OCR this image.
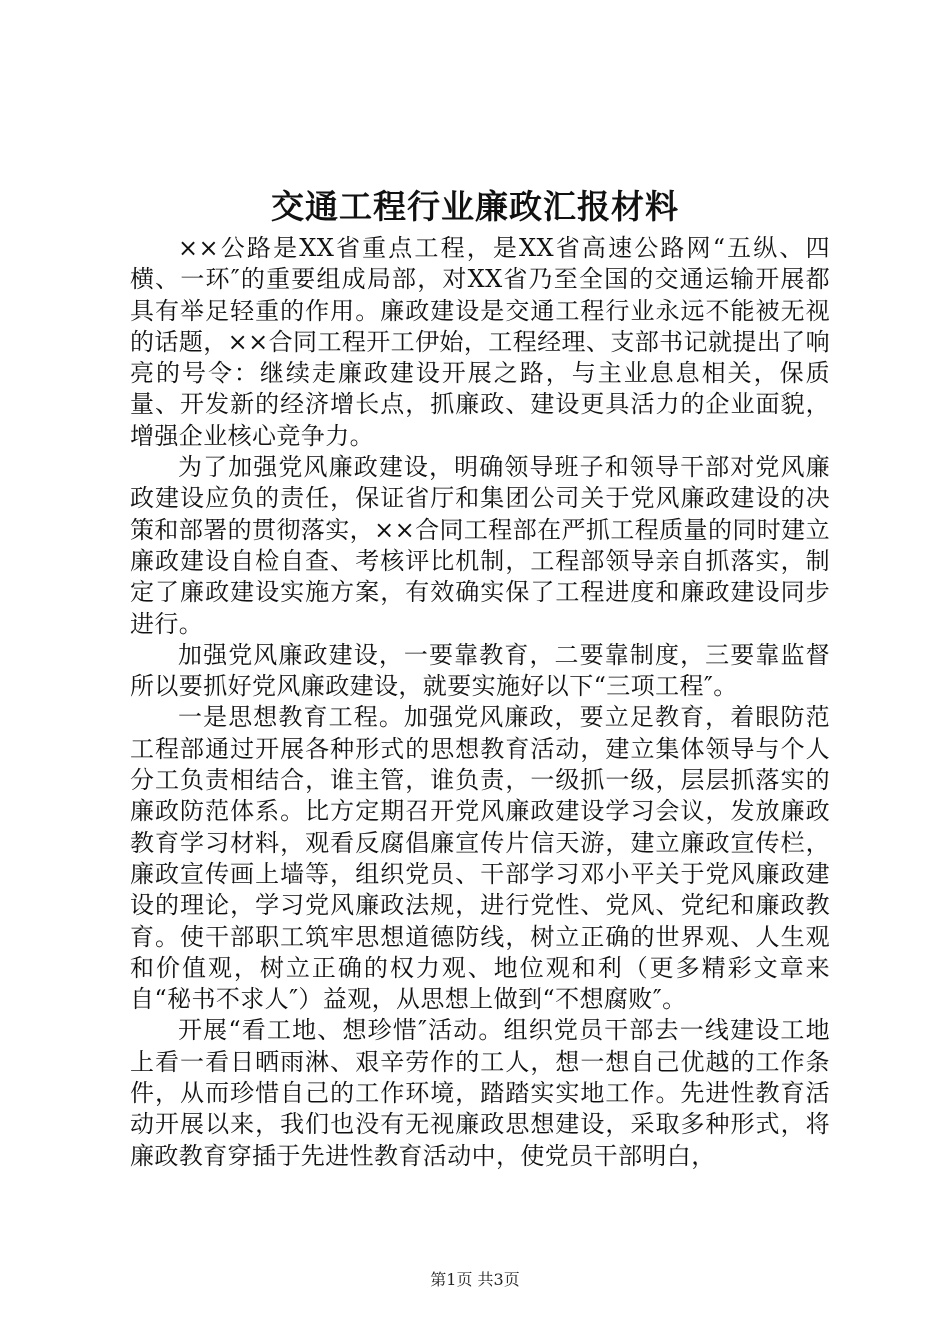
交通工程行业廉政汇报材料

××公路是XX省重点工程，是XX省高速公路网“五纵、四横、一环″的重要组成局部，对XX省乃至全国的交通运输开展都具有举足轻重的作用。廉政建设是交通工程行业永远不能被无视的话题，××合同工程开工伊始，工程经理、支部书记就提出了响亮的号令：继续走廉政建设开展之路，与主业息息相关，保质量、开发新的经济增长点，抓廉政、建设更具活力的企业面貌，增强企业核心竞争力。

为了加强党风廉政建设，明确领导班子和领导干部对党风廉政建设应负的责任，保证省厅和集团公司关于党风廉政建设的决策和部署的贯彻落实，××合同工程部在严抓工程质量的同时建立廉政建设自检自查、考核评比机制，工程部领导亲自抓落实，制定了廉政建设实施方案，有效确实保了工程进度和廉政建设同步进行。

加强党风廉政建设，一要靠教育，二要靠制度，三要靠监督所以要抓好党风廉政建设，就要实施好以下“三项工程″。

一是思想教育工程。加强党风廉政，要立足教育，着眼防范工程部通过开展各种形式的思想教育活动，建立集体领导与个人分工负责相结合，谁主管，谁负责，一级抓一级，层层抓落实的廉政防范体系。比方定期召开党风廉政建设学习会议，发放廉政教育学习材料，观看反腐倡廉宣传片信天游，建立廉政宣传栏，廉政宣传画上墙等，组织党员、干部学习邓小平关于党风廉政建设的理论，学习党风廉政法规，进行党性、党风、党纪和廉政教育。使干部职工筑牢思想道德防线，树立正确的世界观、人生观和价值观，树立正确的权力观、地位观和利（更多精彩文章来自“秘书不求人″）益观，从思想上做到“不想腐败″。

开展“看工地、想珍惜″活动。组织党员干部去一线建设工地上看一看日晒雨淋、艰辛劳作的工人，想一想自己优越的工作条件，从而珍惜自己的工作环境，踏踏实实地工作。先进性教育活动开展以来，我们也没有无视廉政思想建设，采取多种形式，将廉政教育穿插于先进性教育活动中，使党员干部明白，

第1页 共3页
